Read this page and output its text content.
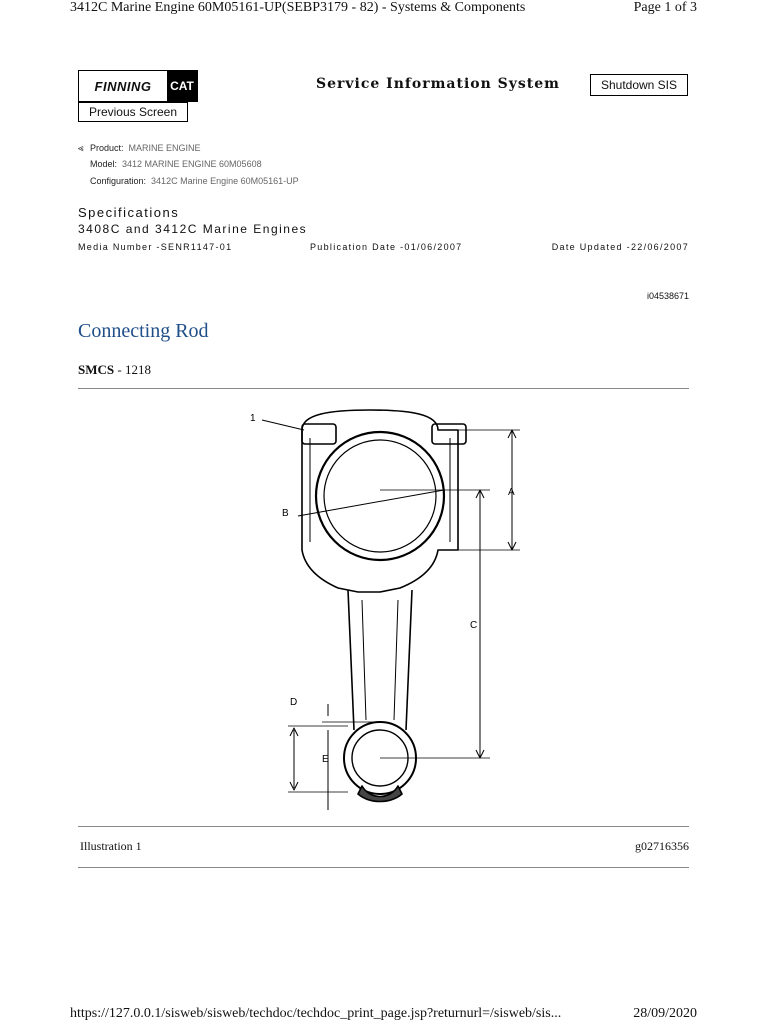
3412C Marine Engine 60M05161-UP(SEBP3179 - 82) - Systems & Components	Page 1 of 3
FINNING	CAT	Service Information System	Shutdown SIS
Previous Screen
⪡ Product: MARINE ENGINE
Model: 3412 MARINE ENGINE 60M05608
Configuration: 3412C Marine Engine 60M05161-UP
Specifications
3408C and 3412C Marine Engines
Media Number -SENR1147-01	Publication Date -01/06/2007	Date Updated -22/06/2007
i04538671
Connecting Rod
SMCS - 1218
1
A
B
C
D
E
Illustration 1	g02716356
https://127.0.0.1/sisweb/sisweb/techdoc/techdoc_print_page.jsp?returnurl=/sisweb/sis...	28/09/2020
